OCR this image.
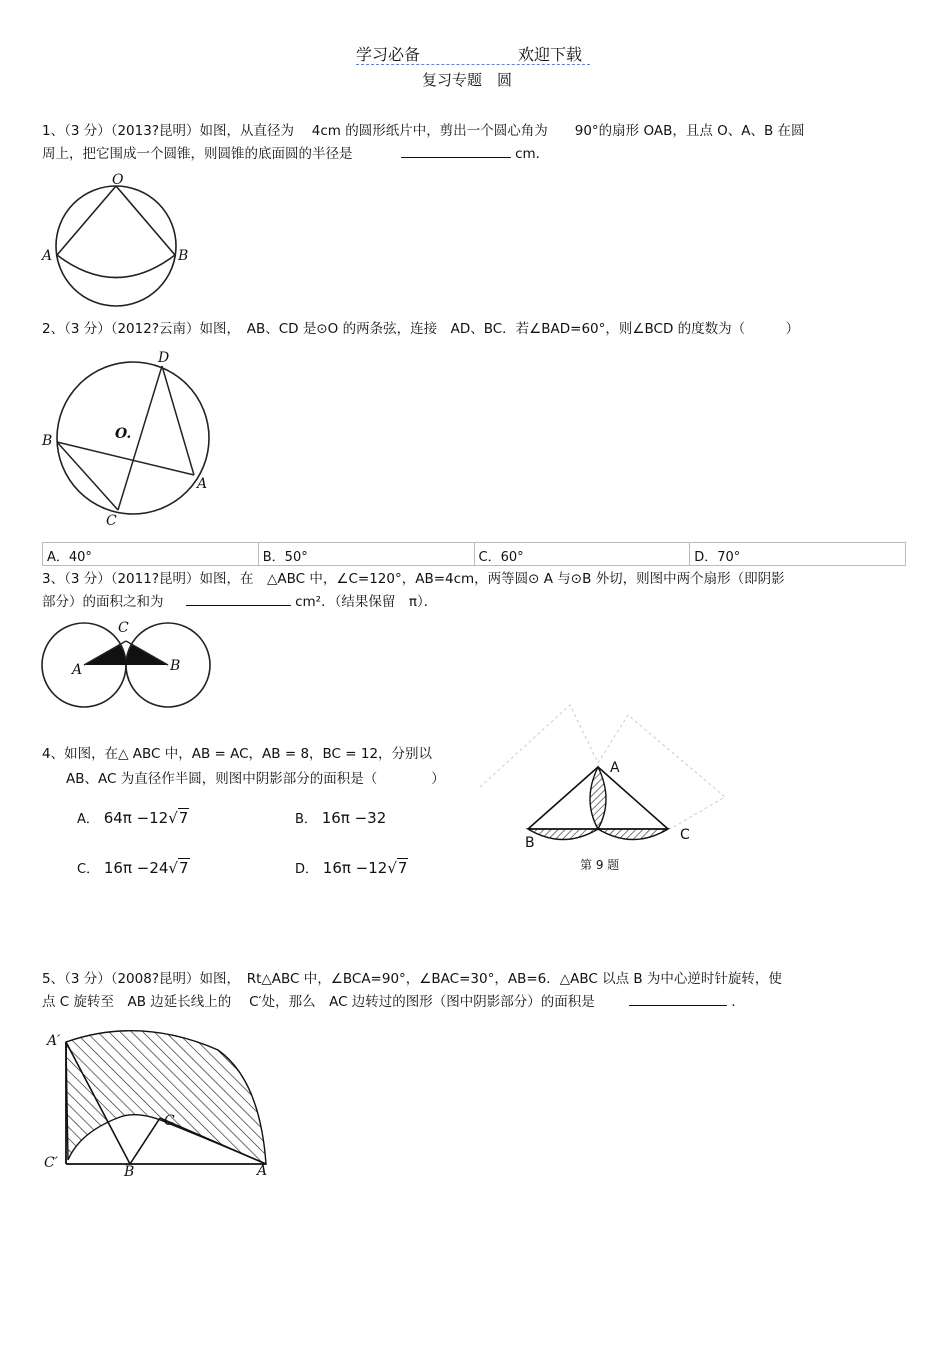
学习必备	欢迎下载
复习专题　圆
1、（3 分）（2013?昆明）如图，从直径为　 4cm 的圆形纸片中，剪出一个圆心角为　　90°的扇形 OAB，且点 O、A、B 在圆
周上，把它围成一个圆锥，则圆锥的底面圆的半径是	cm．
O
A	B
2、（3 分）（2012?云南）如图，　AB、CD 是⊙O 的两条弦，连接　AD、BC．若∠BAD=60°，则∠BCD 的度数为（　　　）
D
O.
B
A
C
A．40°	B．50°	C．60°	D．70°
3、（3 分）（2011?昆明）如图，在　△ABC 中，∠C=120°，AB=4cm，两等圆⊙ A 与⊙B 外切，则图中两个扇形（即阴影
部分）的面积之和为	cm²．（结果保留　π）．
C
A	B
4、如图，在△ ABC 中，AB = AC，AB = 8，BC = 12，分别以
AB、AC 为直径作半圆，则图中阴影部分的面积是（　　　　）
A． 64π −12√7	B． 16π −32
C． 16π −24√7	D． 16π −12√7
A
B	C
第 9 题
5、（3 分）（2008?昆明）如图，　Rt△ABC 中，∠BCA=90°，∠BAC=30°，AB=6．△ABC 以点 B 为中心逆时针旋转，使
点 C 旋转至　AB 边延长线上的　 C′处，那么　AC 边转过的图形（图中阴影部分）的面积是	．
A′
C′
B
C
A
